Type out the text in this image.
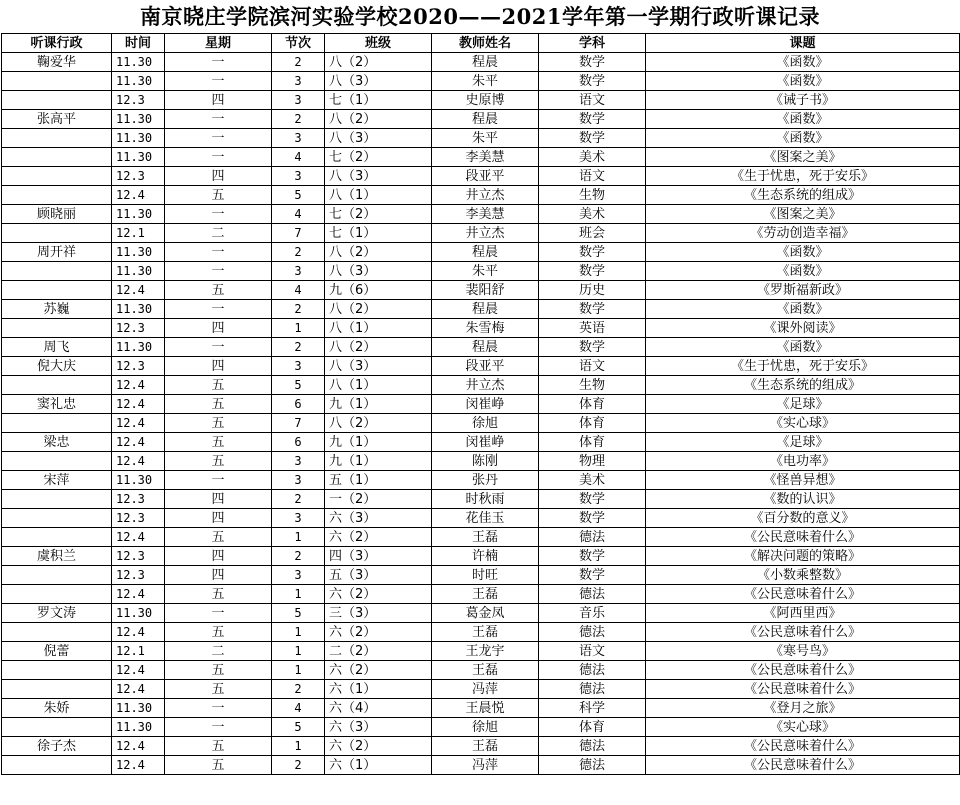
南京晓庄学院滨河实验学校2020——2021学年第一学期行政听课记录
听课行政	时间	星期	节次	班级	教师姓名	学科	课题
鞠爱华	11.30	一	2	八（2）	程晨	数学	《函数》
	11.30	一	3	八（3）	朱平	数学	《函数》
	12.3	四	3	七（1）	史原博	语文	《诫子书》
张高平	11.30	一	2	八（2）	程晨	数学	《函数》
	11.30	一	3	八（3）	朱平	数学	《函数》
	11.30	一	4	七（2）	李美慧	美术	《图案之美》
	12.3	四	3	八（3）	段亚平	语文	《生于忧患，死于安乐》
	12.4	五	5	八（1）	井立杰	生物	《生态系统的组成》
顾晓丽	11.30	一	4	七（2）	李美慧	美术	《图案之美》
	12.1	二	7	七（1）	井立杰	班会	《劳动创造幸福》
周开祥	11.30	一	2	八（2）	程晨	数学	《函数》
	11.30	一	3	八（3）	朱平	数学	《函数》
	12.4	五	4	九（6）	裴阳舒	历史	《罗斯福新政》
苏巍	11.30	一	2	八（2）	程晨	数学	《函数》
	12.3	四	1	八（1）	朱雪梅	英语	《课外阅读》
周飞	11.30	一	2	八（2）	程晨	数学	《函数》
倪大庆	12.3	四	3	八（3）	段亚平	语文	《生于忧患，死于安乐》
	12.4	五	5	八（1）	井立杰	生物	《生态系统的组成》
窦礼忠	12.4	五	6	九（1）	闵崔峥	体育	《足球》
	12.4	五	7	八（2）	徐旭	体育	《实心球》
梁忠	12.4	五	6	九（1）	闵崔峥	体育	《足球》
	12.4	五	3	九（1）	陈刚	物理	《电功率》
宋萍	11.30	一	3	五（1）	张丹	美术	《怪兽异想》
	12.3	四	2	一（2）	时秋雨	数学	《数的认识》
	12.3	四	3	六（3）	花佳玉	数学	《百分数的意义》
	12.4	五	1	六（2）	王磊	德法	《公民意味着什么》
虞积兰	12.3	四	2	四（3）	许楠	数学	《解决问题的策略》
	12.3	四	3	五（3）	时旺	数学	《小数乘整数》
	12.4	五	1	六（2）	王磊	德法	《公民意味着什么》
罗文涛	11.30	一	5	三（3）	葛金凤	音乐	《阿西里西》
	12.4	五	1	六（2）	王磊	德法	《公民意味着什么》
倪蕾	12.1	二	1	二（2）	王龙宇	语文	《寒号鸟》
	12.4	五	1	六（2）	王磊	德法	《公民意味着什么》
	12.4	五	2	六（1）	冯萍	德法	《公民意味着什么》
朱娇	11.30	一	4	六（4）	王晨悦	科学	《登月之旅》
	11.30	一	5	六（3）	徐旭	体育	《实心球》
徐子杰	12.4	五	1	六（2）	王磊	德法	《公民意味着什么》
	12.4	五	2	六（1）	冯萍	德法	《公民意味着什么》
